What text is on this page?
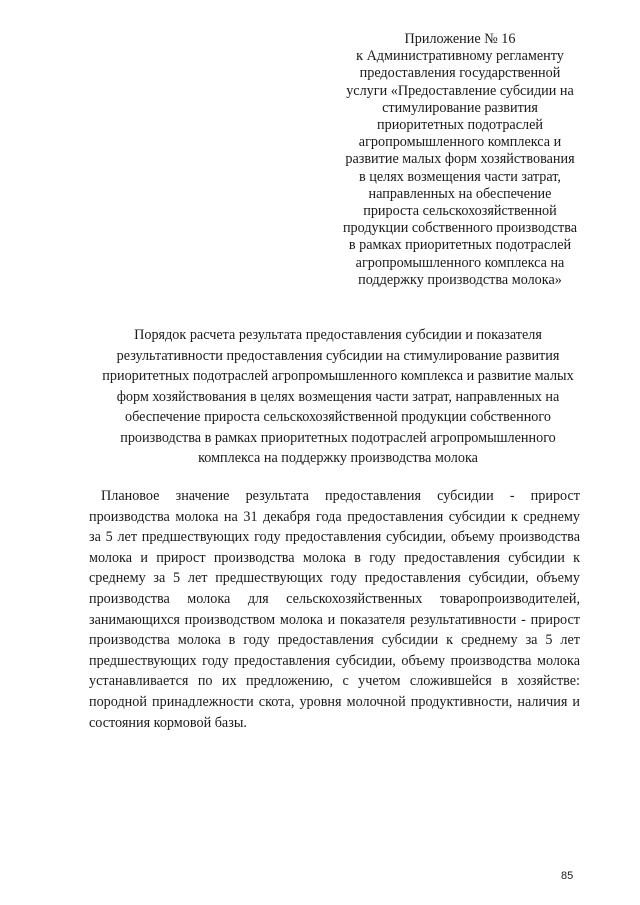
Приложение № 16
к Административному регламенту
предоставления государственной
услуги «Предоставление субсидии на
стимулирование развития
приоритетных подотраслей
агропромышленного комплекса и
развитие малых форм хозяйствования
в целях возмещения части затрат,
направленных на обеспечение
прироста сельскохозяйственной
продукции собственного производства
в рамках приоритетных подотраслей
агропромышленного комплекса на
поддержку производства молока»
Порядок расчета результата предоставления субсидии и показателя
результативности предоставления субсидии на стимулирование развития
приоритетных подотраслей агропромышленного комплекса и развитие малых
форм хозяйствования в целях возмещения части затрат, направленных на
обеспечение прироста сельскохозяйственной продукции собственного
производства в рамках приоритетных подотраслей агропромышленного
комплекса на поддержку производства молока
Плановое значение результата предоставления субсидии - прирост
производства молока на 31 декабря года предоставления субсидии к среднему
за 5 лет предшествующих году предоставления субсидии, объему производства
молока и прирост производства молока в году предоставления субсидии к
среднему за 5 лет предшествующих году предоставления субсидии, объему
производства молока для сельскохозяйственных товаропроизводителей,
занимающихся производством молока и показателя результативности - прирост
производства молока в году предоставления субсидии к среднему за 5 лет
предшествующих году предоставления субсидии, объему производства молока
устанавливается по их предложению, с учетом сложившейся в хозяйстве:
породной принадлежности скота, уровня молочной продуктивности, наличия и
состояния кормовой базы.
85
